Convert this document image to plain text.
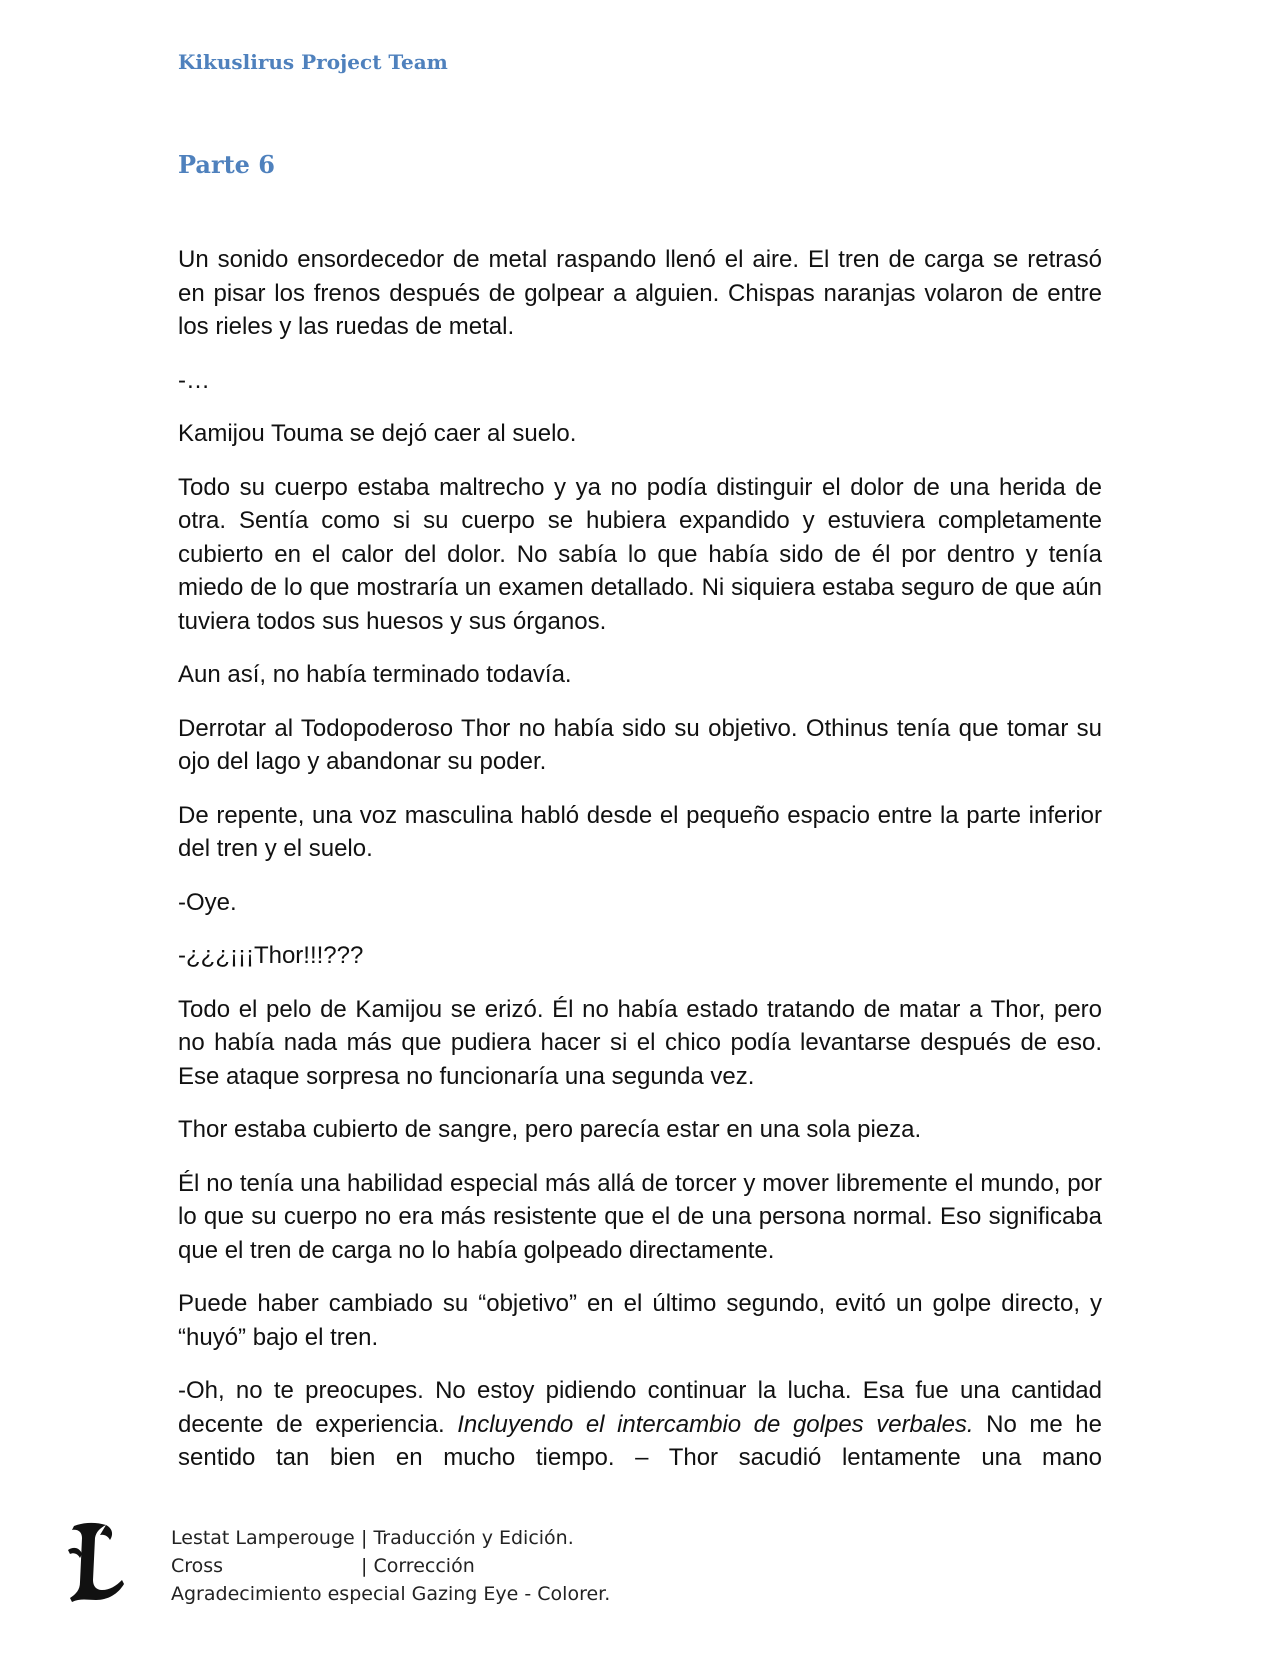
Kikuslirus Project Team
Parte 6

Un sonido ensordecedor de metal raspando llenó el aire. El tren de carga se retrasó en pisar los frenos después de golpear a alguien. Chispas naranjas volaron de entre los rieles y las ruedas de metal.

-…

Kamijou Touma se dejó caer al suelo.

Todo su cuerpo estaba maltrecho y ya no podía distinguir el dolor de una herida de otra. Sentía como si su cuerpo se hubiera expandido y estuviera completamente cubierto en el calor del dolor. No sabía lo que había sido de él por dentro y tenía miedo de lo que mostraría un examen detallado. Ni siquiera estaba seguro de que aún tuviera todos sus huesos y sus órganos.

Aun así, no había terminado todavía.

Derrotar al Todopoderoso Thor no había sido su objetivo. Othinus tenía que tomar su ojo del lago y abandonar su poder.

De repente, una voz masculina habló desde el pequeño espacio entre la parte inferior del tren y el suelo.

-Oye.

-¿¿¿¡¡¡Thor!!!???

Todo el pelo de Kamijou se erizó. Él no había estado tratando de matar a Thor, pero no había nada más que pudiera hacer si el chico podía levantarse después de eso. Ese ataque sorpresa no funcionaría una segunda vez.

Thor estaba cubierto de sangre, pero parecía estar en una sola pieza.

Él no tenía una habilidad especial más allá de torcer y mover libremente el mundo, por lo que su cuerpo no era más resistente que el de una persona normal. Eso significaba que el tren de carga no lo había golpeado directamente.

Puede haber cambiado su “objetivo” en el último segundo, evitó un golpe directo, y “huyó” bajo el tren.

-Oh, no te preocupes. No estoy pidiendo continuar la lucha. Esa fue una cantidad decente de experiencia. Incluyendo el intercambio de golpes verbales. No me he sentido tan bien en mucho tiempo. – Thor sacudió lentamente una mano

Lestat Lamperouge | Traducción y Edición.
Cross	| Corrección
Agradecimiento especial Gazing Eye - Colorer.
